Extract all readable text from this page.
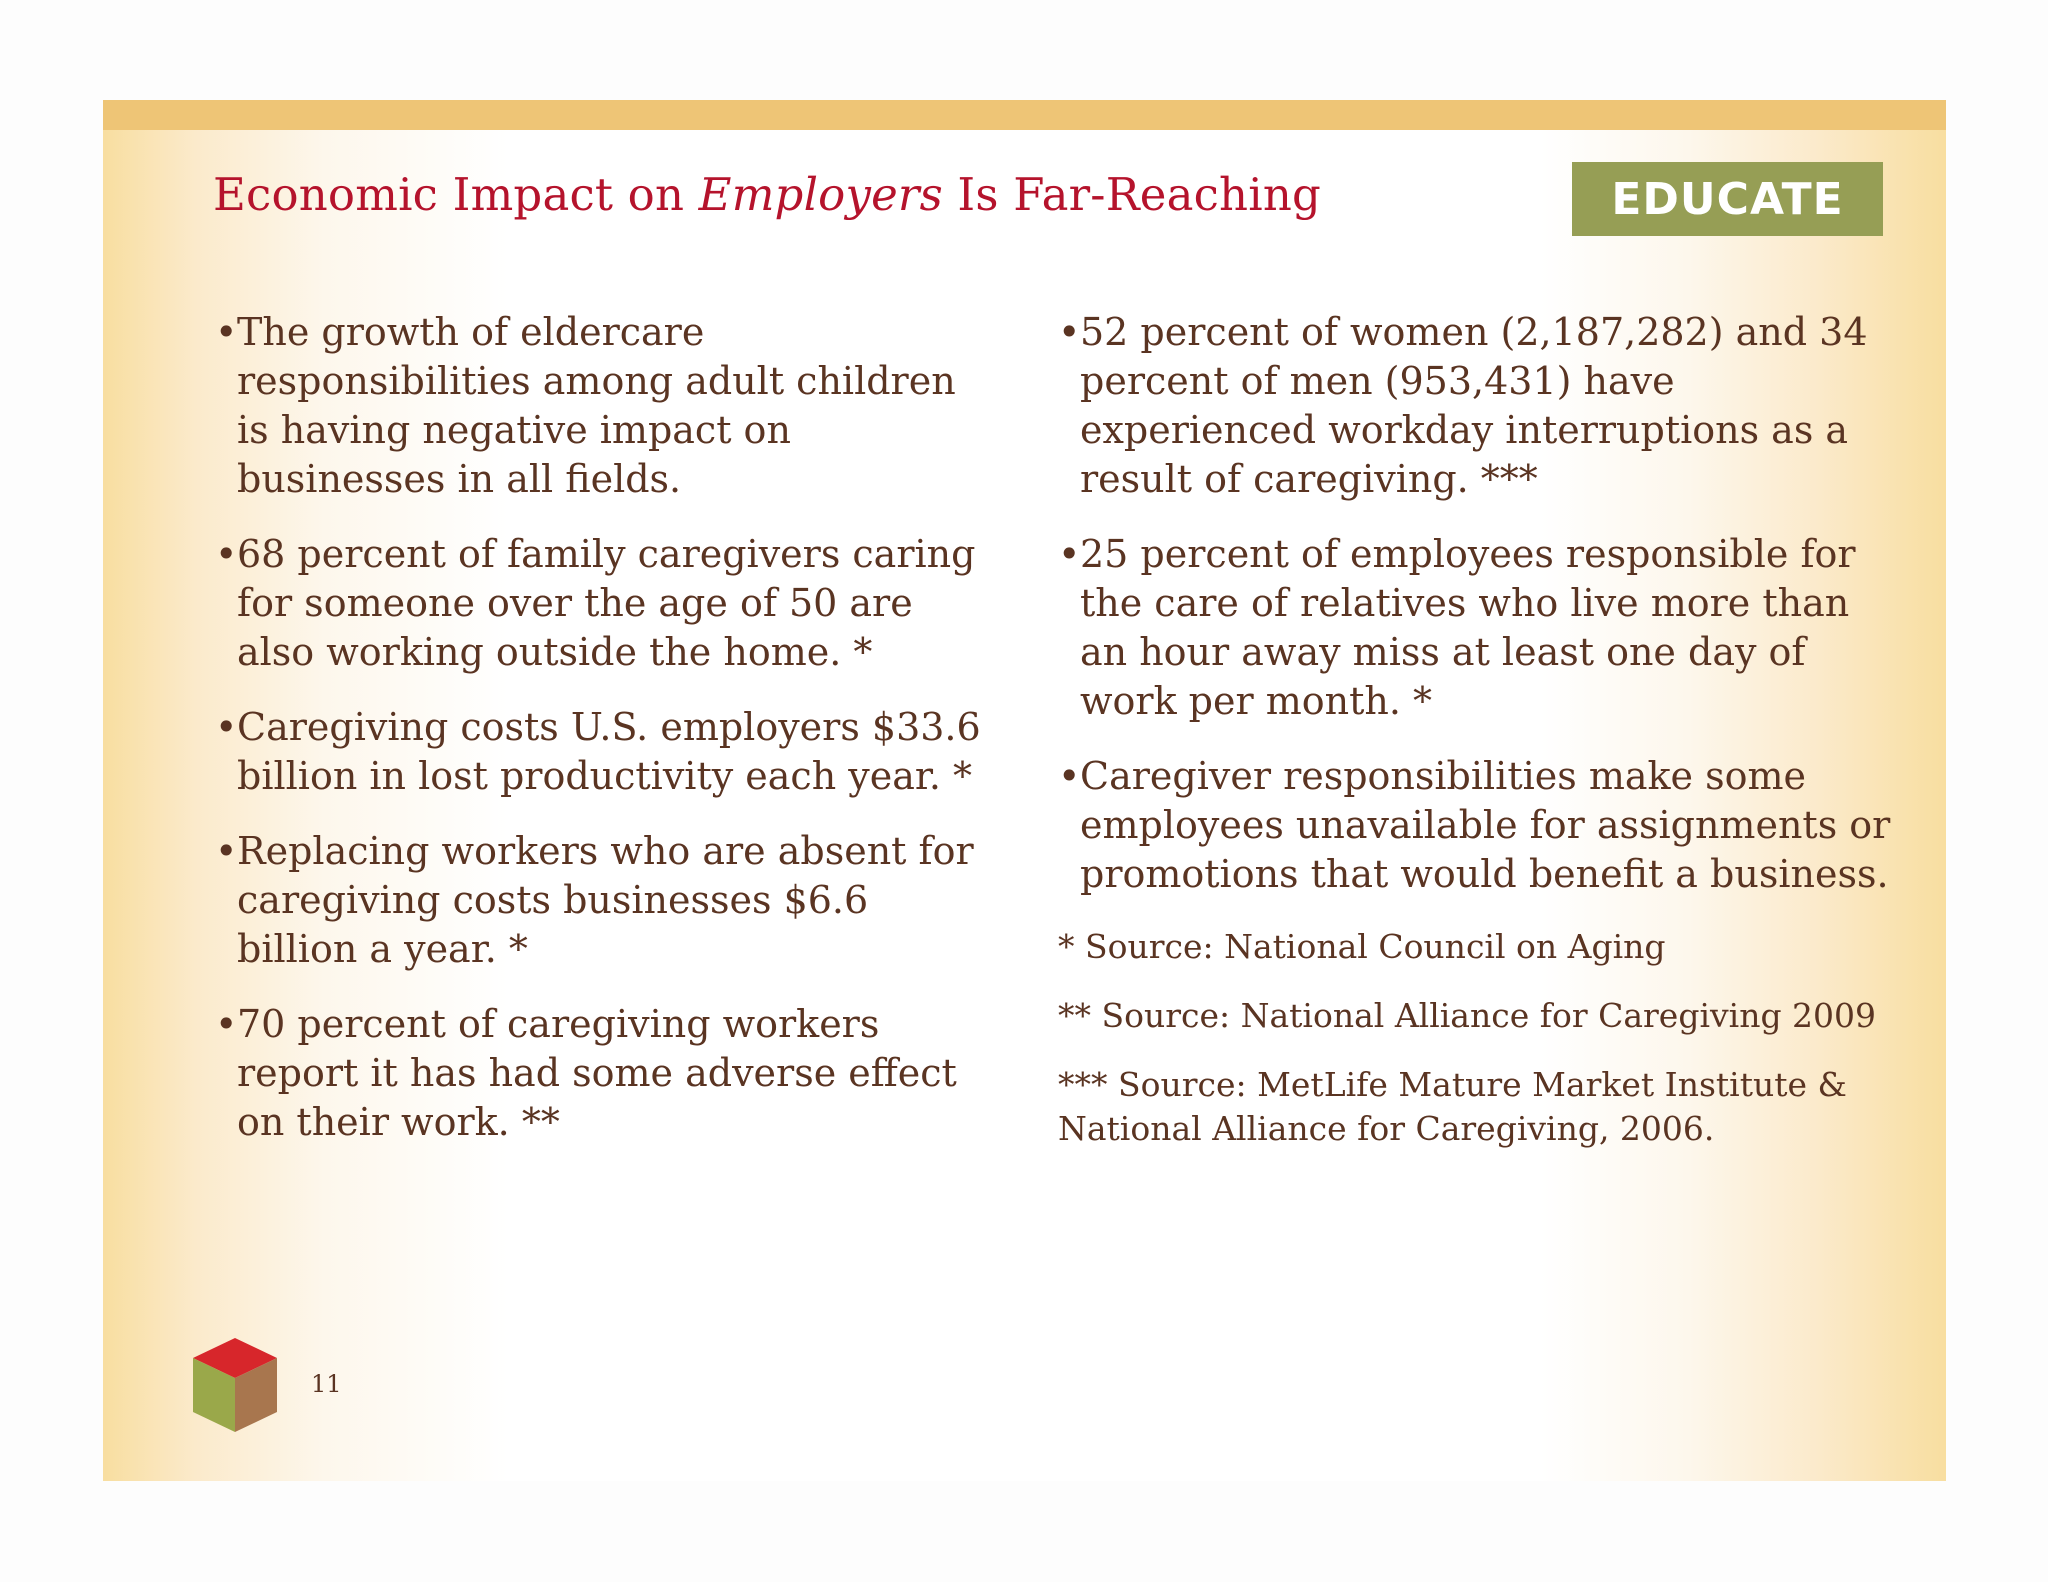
Economic Impact on Employers Is Far-Reaching	EDUCATE
• The growth of eldercare responsibilities among adult children is having negative impact on businesses in all fields.
• 68 percent of family caregivers caring for someone over the age of 50 are also working outside the home. *
• Caregiving costs U.S. employers $33.6 billion in lost productivity each year. *
• Replacing workers who are absent for caregiving costs businesses $6.6 billion a year. *
• 70 percent of caregiving workers report it has had some adverse effect on their work. **
• 52 percent of women (2,187,282) and 34 percent of men (953,431) have experienced workday interruptions as a result of caregiving. ***
• 25 percent of employees responsible for the care of relatives who live more than an hour away miss at least one day of work per month. *
• Caregiver responsibilities make some employees unavailable for assignments or promotions that would benefit a business.
* Source: National Council on Aging
** Source: National Alliance for Caregiving 2009
*** Source: MetLife Mature Market Institute & National Alliance for Caregiving, 2006.
11
